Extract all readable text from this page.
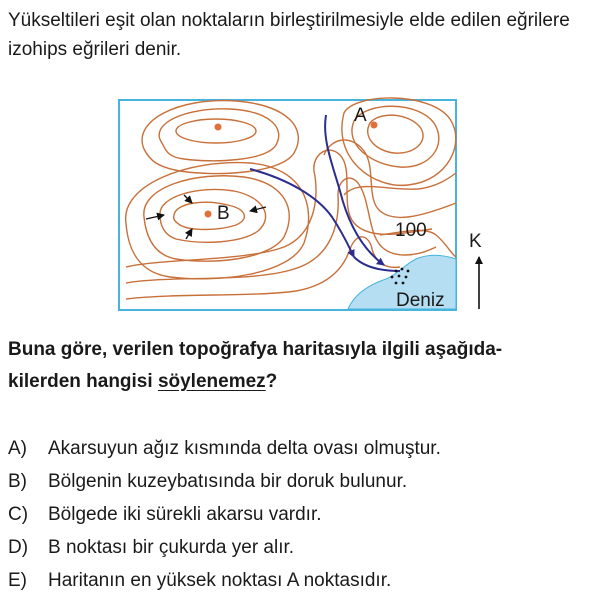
Yükseltileri eşit olan noktaların birleştirilmesiyle elde edilen eğrilere izohips eğrileri denir.
A
B
100
K
Deniz
Buna göre, verilen topoğrafya haritasıyla ilgili aşağıda-
kilerden hangisi söylenemez?
A) Akarsuyun ağız kısmında delta ovası olmuştur.
B) Bölgenin kuzeybatısında bir doruk bulunur.
C) Bölgede iki sürekli akarsu vardır.
D) B noktası bir çukurda yer alır.
E) Haritanın en yüksek noktası A noktasıdır.
